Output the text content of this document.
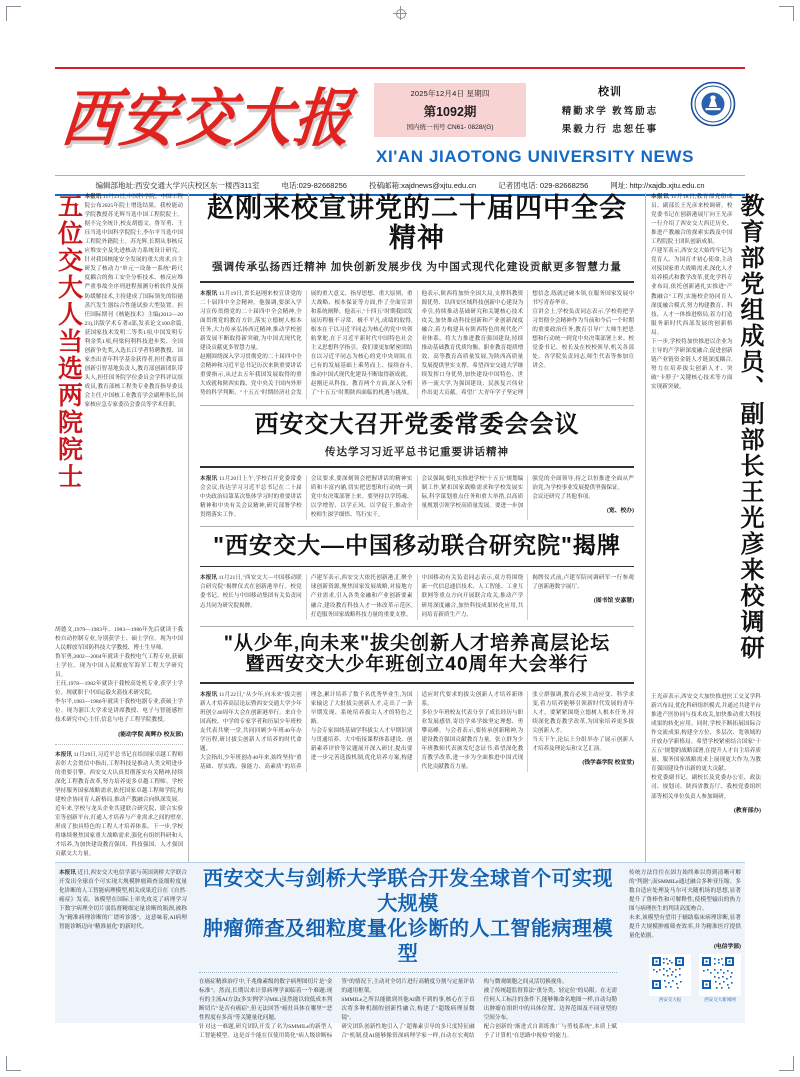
西安交大报	2025年12月4日 星期四
第1092期
国内统一刊号 CN61- 0828/(G)
校训
精勤求学 敦笃励志
果毅力行 忠恕任事
XI'AN JIAOTONG UNIVERSITY NEWS
编辑部地址:西安交通大学兴庆校区东一楼西311室	电话:029-82668256	投稿邮箱:xajdnews@xjtu.edu.cn	记者团电话: 029-82668256	网址: http://xajdb.xjtu.edu.cn
五位交大人当选两院院士 本报讯 11月21日,中国科学院、中国工程院公布2025年院士增选结果。我校能动学院教授苏光辉当选中国工程院院士。据不完全统计,校友胡德文、鲁军勇、王珏当选中国科学院院士,李尔平当选中国工程院外籍院士。苏光辉,长期从事核反应堆安全及先进核动力系统设计研究。针对我国核能安全发展的重大需求,自主研发了核动力"单元一设备一系统"跨尺度耦合的热工安全分析技术、核反应堆严重事故全序列进程预测分析软件及预防缓解技术,主持建成了国际领先的铅铋蒸汽发生器综合性能试验大型装置。担任国际期刊《核能技术》主编(2012—2023),出版学术专著4部,发表论文100余篇,获国家技术发明二等奖1项,中国发明专利金奖1项,何梁何利科技进步奖、全国创新争先奖,入选长江学者特聘教授、国家杰出青年科学基金获得者,担任教育部创新引智基地负责人,教育部创新团队带头人,担任国务院学位委员会学科评议组成员,教育部核工程类专业教育指导委员会主任,中国核工业教育学会副理事长,国家核应急专家委员会委员等学术任职。
胡德文,1979—1983年、1983—1986年先后就读于我校自动控制专业,分别获学士、硕士学位。现为中国人民解放军国防科技大学教授、博士生导师。
鲁军勇,2002—2004年就读于我校电气工程专业,获硕士学位。现为中国人民解放军海军工程大学研究员。
王珏,1978—1982年就读于我校高处机专业,获学士学位。现就职于中国运载火箭技术研究院。
李尔平,1983—1986年就读于我校电器专业,获硕士学位。现为浙江大学求是讲席教授、电子与智能感控技术研究中心主任,信息与电子工程学院教授。
(能动学院 高辉办 校友部)
本报讯 11月29日,习近平总书记在给国家卓越工程师表彰大会贺信中指出,工程科技是推动人类文明进步的重要引擎。西安交大认真贯彻落实有关精神,持续深化工程教育改革,努力培养更多卓越工程师。学校坚持服务国家战略需求,依托国家卓越工程师学院,构建校企协同育人新格局,推动产教融合向纵深发展。近年来,学校与龙头企业共建联合研究院、联合实验室等创新平台,打通人才培养与产业需求之间的壁垒,形成了独具特色的工程人才培养体系。下一步,学校将继续聚焦国家重大战略需求,强化有组织科研和人才培养,为加快建设教育强国、科技强国、人才强国贡献交大力量。
赵刚来校宣讲党的二十届四中全会精神
强调传承弘扬西迁精神 加快创新发展步伐 为中国式现代化建设贡献更多智慧力量
本报讯 11月19日,省长赵刚来校宣讲党的二十届四中全会精神。他强调,要深入学习宣传贯彻党的二十届四中全会精神,全面贯彻党的教育方针,落实立德树人根本任务,大力传承弘扬西迁精神,推动学校创新发展不断取得新突破,为中国式现代化建设贡献更多智慧力量。
赵刚围绕深入学习贯彻党的二十届四中全会精神和习近平总书记历次来陕重要讲话重要指示,从过去五年我国发展取得的重大成就和陕西实践、党中央关于国内外形势的科学判断、"十五五"时期经济社会发展的重大意义、指导思想、重大原则、重大战略、根本保证等方面,作了全面宣讲和系统阐释。他表示,"十四五"时期我国发展历程极不寻常、极不平凡,成绩的取得,根本在于以习近平同志为核心的党中央领航掌舵,在于习近平新时代中国特色社会主义思想科学指引。我们要更加紧密团结在以习近平同志为核心的党中央周围,在已有的发展基础上乘势而上、接续奋斗,推动中国式现代化建设不断取得新成就。
赵刚还从科技、教育两个方面,深入分析了"十五五"时期陕西面临的机遇与挑战。他表示,陕西将加快全国大局,支撑科教资源优势、以西安区域科技创新中心建设为牵引,持续推动基础研究和关键核心技术攻关,加快推动科技创新和产业创新深度融合,着力构建具有陕西特色的现代化产业体系。将大力推进教育强国建设,持续推动基础教育优质均衡、职业教育提质增效、高等教育高质量发展,为陕西高质量发展提供坚实支撑。希望西安交通大学继续发挥口身优势,加快建设中国特色、世界一流大学,为强国建设、民族复兴伟业作出更大贡献。希望广大青年学子坚定理想信念,练就过硬本领,在服务国家发展中书写青春华章。
宣讲会上,学校负责同志表示,学校将把学习贯彻全会精神作为当前和今后一个时期的重要政治任务,教育引导广大师生把思想和行动统一到党中央决策部署上来。校党委书记、校长及在校校领导,机关各部处、各学院负责同志,师生代表等参加宣讲会。
西安交大召开党委常委会会议
传达学习习近平总书记重要讲话精神
本报讯 11月20日上午,学校召开党委常委会会议,传达学习习近平总书记在二十届中央政治局第某次集体学习时的重要讲话精神和中央有关会议精神,研究部署学校贯彻落实工作。
会议要求,要深刻领会把握讲话的精神实质和丰富内涵,切实把思想和行动统一到党中央决策部署上来。要坚持以学铸魂、以学增智、以学正风、以学促干,推动全校师生深学细悟、笃行实干。
会议强调,要扎实推进学校"十五五"规划编制工作,紧扣国家战略需求和学校发展实际,科学谋划重点任务和重大举措,以高质量规划引领学校高质量发展。要进一步加强党的全面领导,持之以恒推进全面从严治党,为学校事业发展提供坚强保证。
会议还研究了其他事项。
(宽、校办)
"西安交大—中国移动联合研究院"揭牌
本报讯 11月21日,"西安交大—中国移动联合研究院"揭牌仪式在创新港举行。校党委书记、校长与中国移动集团有关负责同志共同为研究院揭牌。
卢建军表示,西安交大依托创新港,汇聚全球创新资源,聚焦国家发展战略,对接地方产业需求,引入各类金融和产业创新要素融合,建设教育科技人才一体改革示范区,打造服务国家战略科技力量的重要支撑。
中国移动有关负责同志表示,双方将围绕新一代信息通信技术、人工智能、工业互联网等重点方向开展联合攻关,推动产学研用深度融合,加快科技成果转化应用,共同培育新质生产力。
揭牌仪式前,卢建军陪同调研军一行参观了创新港数字展厅。
(图书馆 安嘉慧)
"从少年,向未来"拔尖创新人才培养高层论坛
暨西安交大少年班创立40周年大会举行
本报讯 11月22日,"从少年,向未来"拔尖创新人才培养高层论坛暨西安交通大学少年班创立40周年大会在创新港举行。来自全国高校、中学的专家学者和历届少年班校友代表共聚一堂,共同回顾少年班40年办学历程,研讨拔尖创新人才培养的时代命题。
大会指出,少年班创办40年来,始终坚持"重基础、厚实践、强能力、高素质"的培养理念,累计培养了数千名优秀毕业生,为国家输送了大批拔尖创新人才,走出了一条早期发现、系统培养拔尖人才的特色之路。
与会专家围绕基础学科拔尖人才早期识别与贯通培养、大中衔接课程体系建设、创新素养评价等议题展开深入研讨,提出要进一步完善选拔机制,优化培养方案,构建适应时代要求的拔尖创新人才培养新体系。
多位少年班校友代表分享了成长经历与职业发展感悟,寄语学弟学妹坚定理想、勇攀高峰。与会者表示,要传承创新精神,为建设教育强国贡献教育力量。张立群为少年班教师代表颁发纪念证书,希望深化教育教学改革,进一步为全面推进中国式现代化贡献教育力量。
张立群强调,教育必须主动应变、科学求变,着力培养能够引领新时代发展的青年人才。要紧紧围绕立德树人根本任务,持续深化教育教学改革,为国家培养更多拔尖创新人才。
当天下午,论坛上分组举办了展示创新人才培养及理论坛和文艺汇演。
(钱学森学院 校宣堂)
本报讯 11月18日,教育部党组成员、副部长王光彦来校调研。校党委书记在创新港展厅向王光彦一行介绍了西安交大西迁历史、推进产教融合的探索实践及中国工程院院士团队创新成果。
卢建军表示,西安交大始终牢记为党育人、为国育才初心使命,主动对接国家重大战略需求,深化人才培养模式和教学改革,优化学科专业布局,依托创新港扎实推进"产教融合"工程,实施校企协同育人深度融合模式,努力构建教育、科技、人才一体推进格局,着力打造服务新时代西部发展的创新格局。
下一步,学校将加快推进以企业为主导的产学研深度融合,促进创新链产业链资金链人才链深度耦合,努力在培养拔尖创新人才、突破"卡脖子"关键核心技术等方面实现新突破。	教育部党组成员、副部长王光彦来校调研
王光彦表示,西安交大加快推进医工交叉学科新兴布局,优化科研组织模式,并通过共建平台推进产医协同与技术攻关,加快推动重大科技成果的转化应用。同时,学校不断拓展国际合作交流成果,构建全方位、多层次、宽领域的开放办学新格局。希望学校紧密结合国家"十五五"规划的战略部署,在提升人才自主培养质量、服务国家战略需求上展现更大作为,为教育强国建设作出新的更大贡献。
校党委副书记、副校长及党委办公室、政法司、规划司、陕西省教育厅、我校党委组织部等相关单位负责人参加调研。
(教育部办)
本报讯 近日,西安交大电信学部与英国剑桥大学联合开发出全球首个可实现大规模肿瘤筛查及细粒度量化诊断的人工智能病理模型,相关成果近日在《自然·癌症》发表。该模型在国际上率先攻克了病理学习下数字病理全切片弱监督精细定量诊断的瓶颈,被称为"精准病理诊断的广谱听诊器"。这意味着,AI病理智能诊断迈向"精准量化"的新时代。
西安交大与剑桥大学联合开发全球首个可实现大规模
肿瘤筛查及细粒度量化诊断的人工智能病理模型
在癌症精准治疗中,千兆像素级的数字病理图切片是"金标准"。然而,长期以来计算病理学面临着一个难题:现有的主流AI方法(多实例学习MIL)虽然能以较低成本判断切片"是否有癌症",但无法回答"癌灶具体在哪里""恶性程度有多高"等关键量化问题。
针对这一难题,研究团队开发了名为SMMILe的新型人工智能模型。这是首个能在仅使用简化"病人级诊断标签"的情况下,主动对全切片进行高精度分割与定量评估的通用框架。
SMMILe之所以能做到其他AI做不到的事,核心在于首次将多种机制的创新性融合,构建了"超级病理显微镜"。
研究团队创新性地引入了"超像素引导的多尺度特征融合"机制,使AI能够像资深病理学家一样,自动在宏观结构与微观细胞之间灵活切换视角。
被了传统超监督算法"重分类、轻定位"的局限。在无需任何人工标注的条件下,能够像命名地图一样,自动勾勒出肿瘤在组织中的具体位置、边界范围及不同亚型的空间分布。
配合创新的"渐进式自训练推广与剪枝系统",本质上赋予了计算机"在思路中视检"的能力。
传统方法往往在固力始终难以得到清晰可解的"判据",而SMMILe通过融合多种亚压缩、多数自适应处理及马尔可夫随机场的思想,显著提升了鲁棒性和可解释性,使模型输出的热力图与病理医生的判读高度吻合。
未来,该模型有望用于辅助临床病理诊断,显著提升大规模肿瘤筛查效率,并为精准医疗提供量化依据。
(电信学部)
西安交大报	西安交大新闻网
